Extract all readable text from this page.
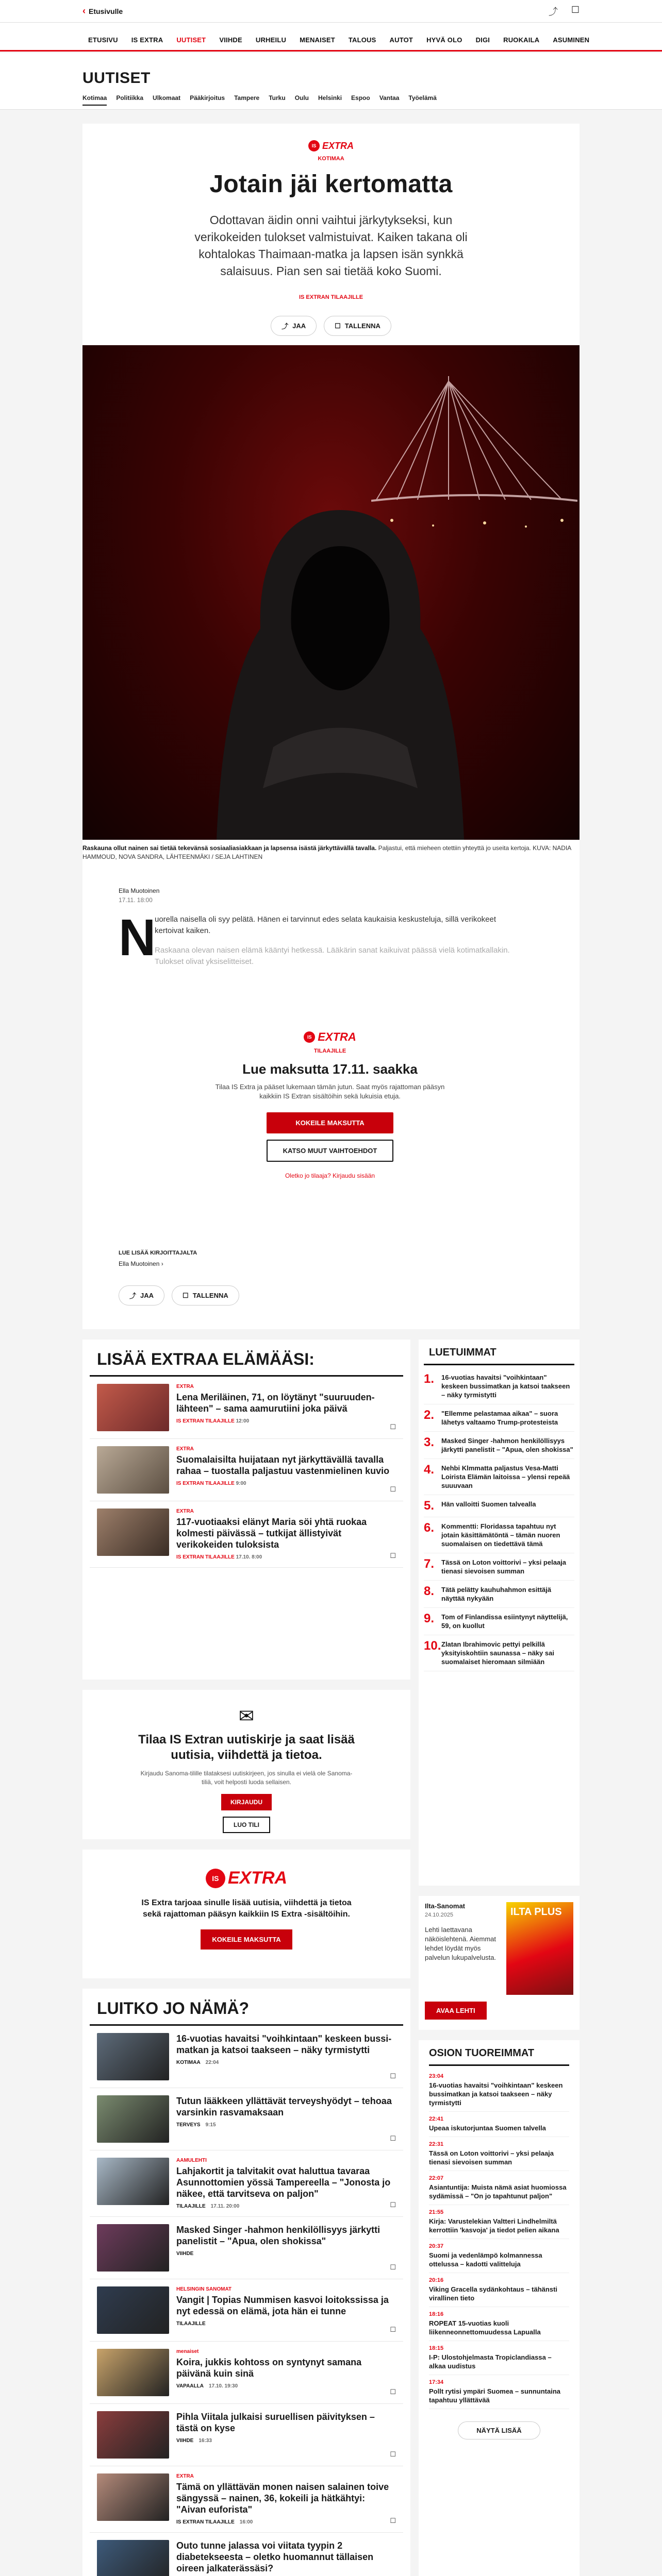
‹ Etusivulle	⤴ ☐
ETUSIVU	IS EXTRA	UUTISET	VIIHDE	URHEILU	MENAISET	TALOUS	AUTOT	HYVÄ OLO	DIGI	RUOKAILA	ASUMINEN
UUTISET
Kotimaa Politiikka Ulkomaat Pääkirjoitus Tampere Turku Oulu Helsinki Espoo Vantaa Työelämä
IS EXTRA
KOTIMAA
Jotain jäi kertomatta

Odottavan äidin onni vaihtui järkytykseksi, kun verikokeiden tulokset valmistuivat. Kaiken takana oli kohtalokas Thaimaan-matka ja lapsen isän synkkä salaisuus. Pian sen sai tietää koko Suomi.

IS EXTRAN TILAAJILLE
⤴ JAA	☐ TALLENNA

Raskauna ollut nainen sai tietää tekevänsä sosiaaliasiakkaan ja lapsensa isästä järkyttävällä tavalla. Paljastui, että mieheen otettiin yhteyttä jo useita kertoja. KUVA: NADIA HAMMOUD, NOVA SANDRA, LÄHTEENMÄKI / SEJA LAHTINEN

Ella Muotoinen
17.11. 18:00
N

uorella naisella oli syy pelätä. Hänen ei tarvinnut edes selata kaukaisia keskusteluja, sillä verikokeet kertoivat kaiken.

Raskaana olevan naisen elämä kääntyi hetkessä. Lääkärin sanat kaikuivat päässä vielä kotimatkallakin. Tulokset olivat yksiselitteiset.

IS EXTRA
TILAAJILLE
Lue maksutta 17.11. saakka

Tilaa IS Extra ja pääset lukemaan tämän jutun. Saat myös rajattoman pääsyn kaikkiin IS Extran sisältöihin sekä lukuisia etuja.

KOKEILE MAKSUTTA
KATSO MUUT VAIHTOEHDOT
Oletko jo tilaaja? Kirjaudu sisään
LUE LISÄÄ KIRJOITTAJALTA
Ella Muotoinen ›
⤴ JAA	☐ TALLENNA
LISÄÄ EXTRAA ELÄMÄÄSI:
EXTRA
Lena Meriläinen, 71, on löytänyt "suuruuden-lähteen" – sama aamurutiini joka päivä
IS EXTRAN TILAAJILLE 12:00
☐
EXTRA
Suomalaisilta huijataan nyt järkyttävällä tavalla rahaa – tuostalla paljastuu vastenmielinen kuvio
IS EXTRAN TILAAJILLE 9:00
☐
EXTRA
117-vuotiaaksi elänyt Maria söi yhtä ruokaa kolmesti päivässä – tutkijat ällistyivät verikokeiden tuloksista
IS EXTRAN TILAAJILLE 17.10. 8:00	☐
✉
Tilaa IS Extran uutiskirje ja saat lisää uutisia, viihdettä ja tietoa.

Kirjaudu Sanoma-tilille tilataksesi uutiskirjeen, jos sinulla ei vielä ole Sanoma-tiliä, voit helposti luoda sellaisen.

KIRJAUDU
LUO TILI
IS EXTRA

IS Extra tarjoaa sinulle lisää uutisia, viihdettä ja tietoa sekä rajattoman pääsyn kaikkiin IS Extra -sisältöihin.

KOKEILE MAKSUTTA
LUITKO JO NÄMÄ?
16-vuotias havaitsi "voihkintaan" keskeen bussi-matkan ja katsoi taakseen – näky tyrmistytti
KOTIMAA 22:04
☐
Tutun lääkkeen yllättävät terveyshyödyt – tehoaa varsinkin rasvamaksaan
TERVEYS 9:15
☐
AAMULEHTI
Lahjakortit ja talvitakit ovat haluttua tavaraa Asunnottomien yössä Tampereella – "Jonosta jo näkee, että tarvitseva on paljon"
TILAAJILLE 17.11. 20:00	☐
Masked Singer -hahmon henkilöllisyys järkytti panelistit – "Apua, olen shokissa"
VIIHDE
☐
HELSINGIN SANOMAT
Vangit | Topias Nummisen kasvoi loitokssissa ja nyt edessä on elämä, jota hän ei tunne
TILAAJILLE
☐
menaiset
Koira, jukkis kohtoss on syntynyt samana päivänä kuin sinä
VAPAALLA 17.10. 19:30
☐
Pihla Viitala julkaisi suruellisen päivityksen – tästä on kyse
VIIHDE 16:33
☐
EXTRA
Tämä on yllättävän monen naisen salainen toive sängyssä – nainen, 36, kokeili ja hätkähtyi: "Aivan euforista"
IS EXTRAN TILAAJILLE 16:00	☐
Outo tunne jalassa voi viitata tyypin 2 diabetekseesta – oletko huomannut tällaisen oireen jalkaterässäsi?
LUETUIMMAT
1.	16-vuotias havaitsi "voihkintaan" keskeen bussimatkan ja katsoi taakseen – näky tyrmistytti
2.	"Ellemme pelastamaa aikaa" – suora lähetys valtaamo Trump-protesteista
3.	Masked Singer -hahmon henkilöllisyys järkytti panelistit – "Apua, olen shokissa"
4.	Nehbi Klmmatta paljastus Vesa-Matti Loirista Elämän laitoissa – ylensi repeää suuuvaan
5.	Hän valloitti Suomen talvealla
6.	Kommentti: Floridassa tapahtuu nyt jotain käsittämätöntä – tämän nuoren suomalaisen on tiedettävä tämä
7.	Tässä on Loton voittorivi – yksi pelaaja tienasi sievoisen summan
8.	Tätä pelätty kauhuhahmon esittäjä näyttää nykyään
9.	Tom of Finlandissa esiintynyt näyttelijä, 59, on kuollut
10. Zlatan Ibrahimovic pettyi pelkillä yksityiskohtiin saunassa – näky sai suomalaiset hieromaan silmiään
Ilta-Sanomat
24.10.2025
Lehti laettavana näköislehtenä. Aiemmat lehdet löydät myös palvelun lukupalvelusta.
ILTA PLUS
AVAA LEHTI
OSION TUOREIMMAT
23:04
16-vuotias havaitsi "voihkintaan" keskeen bussimatkan ja katsoi taakseen – näky tyrmistytti
22:41
Upeaa iskutorjuntaa Suomen talvella
22:31
Tässä on Loton voittorivi – yksi pelaaja tienasi sievoisen summan
22:07
Asiantuntija: Muista nämä asiat huomiossa sydämissä – "On jo tapahtunut paljon"
21:55
Kirja: Varustelekian Valtteri Lindhelmiltä kerrottiin 'kasvoja' ja tiedot pelien aikana
20:37
Suomi ja vedenlämpö kolmannessa ottelussa – kadotti valitteluja
20:16
Viking Gracella sydänkohtaus – tähänsti virallinen tieto
18:16
ROPEAT 15-vuotias kuoli liikenneonnettomuudessa Lapualla
18:15
I-P: Ulostohjelmasta Tropiclandiassa – alkaa uudistus
17:34
Pollt rytisi ympäri Suomea – sunnuntaina tapahtuu yllättävää
NÄYTÄ LISÄÄ
